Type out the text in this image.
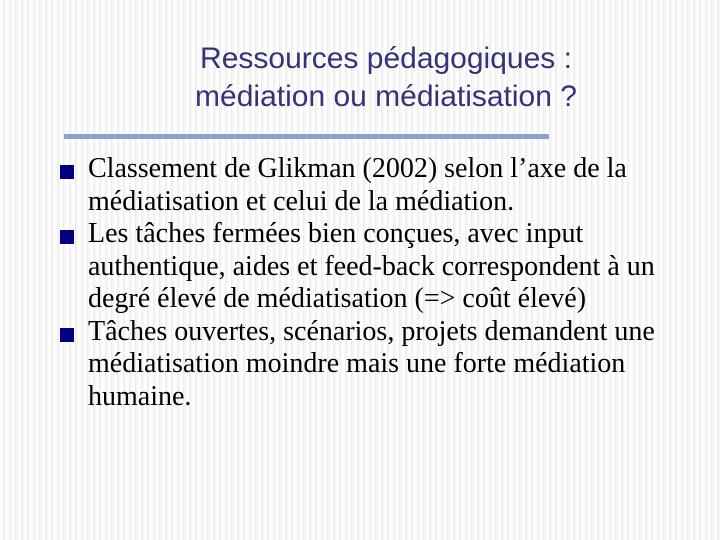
Ressources pédagogiques :
médiation ou médiatisation ?
Classement de Glikman (2002) selon l’axe de la médiatisation et celui de la médiation.
Les tâches fermées bien conçues, avec input authentique, aides et feed-back correspondent à un degré élevé de médiatisation (=> coût élevé)
Tâches ouvertes, scénarios, projets demandent une médiatisation moindre mais une forte médiation humaine.
